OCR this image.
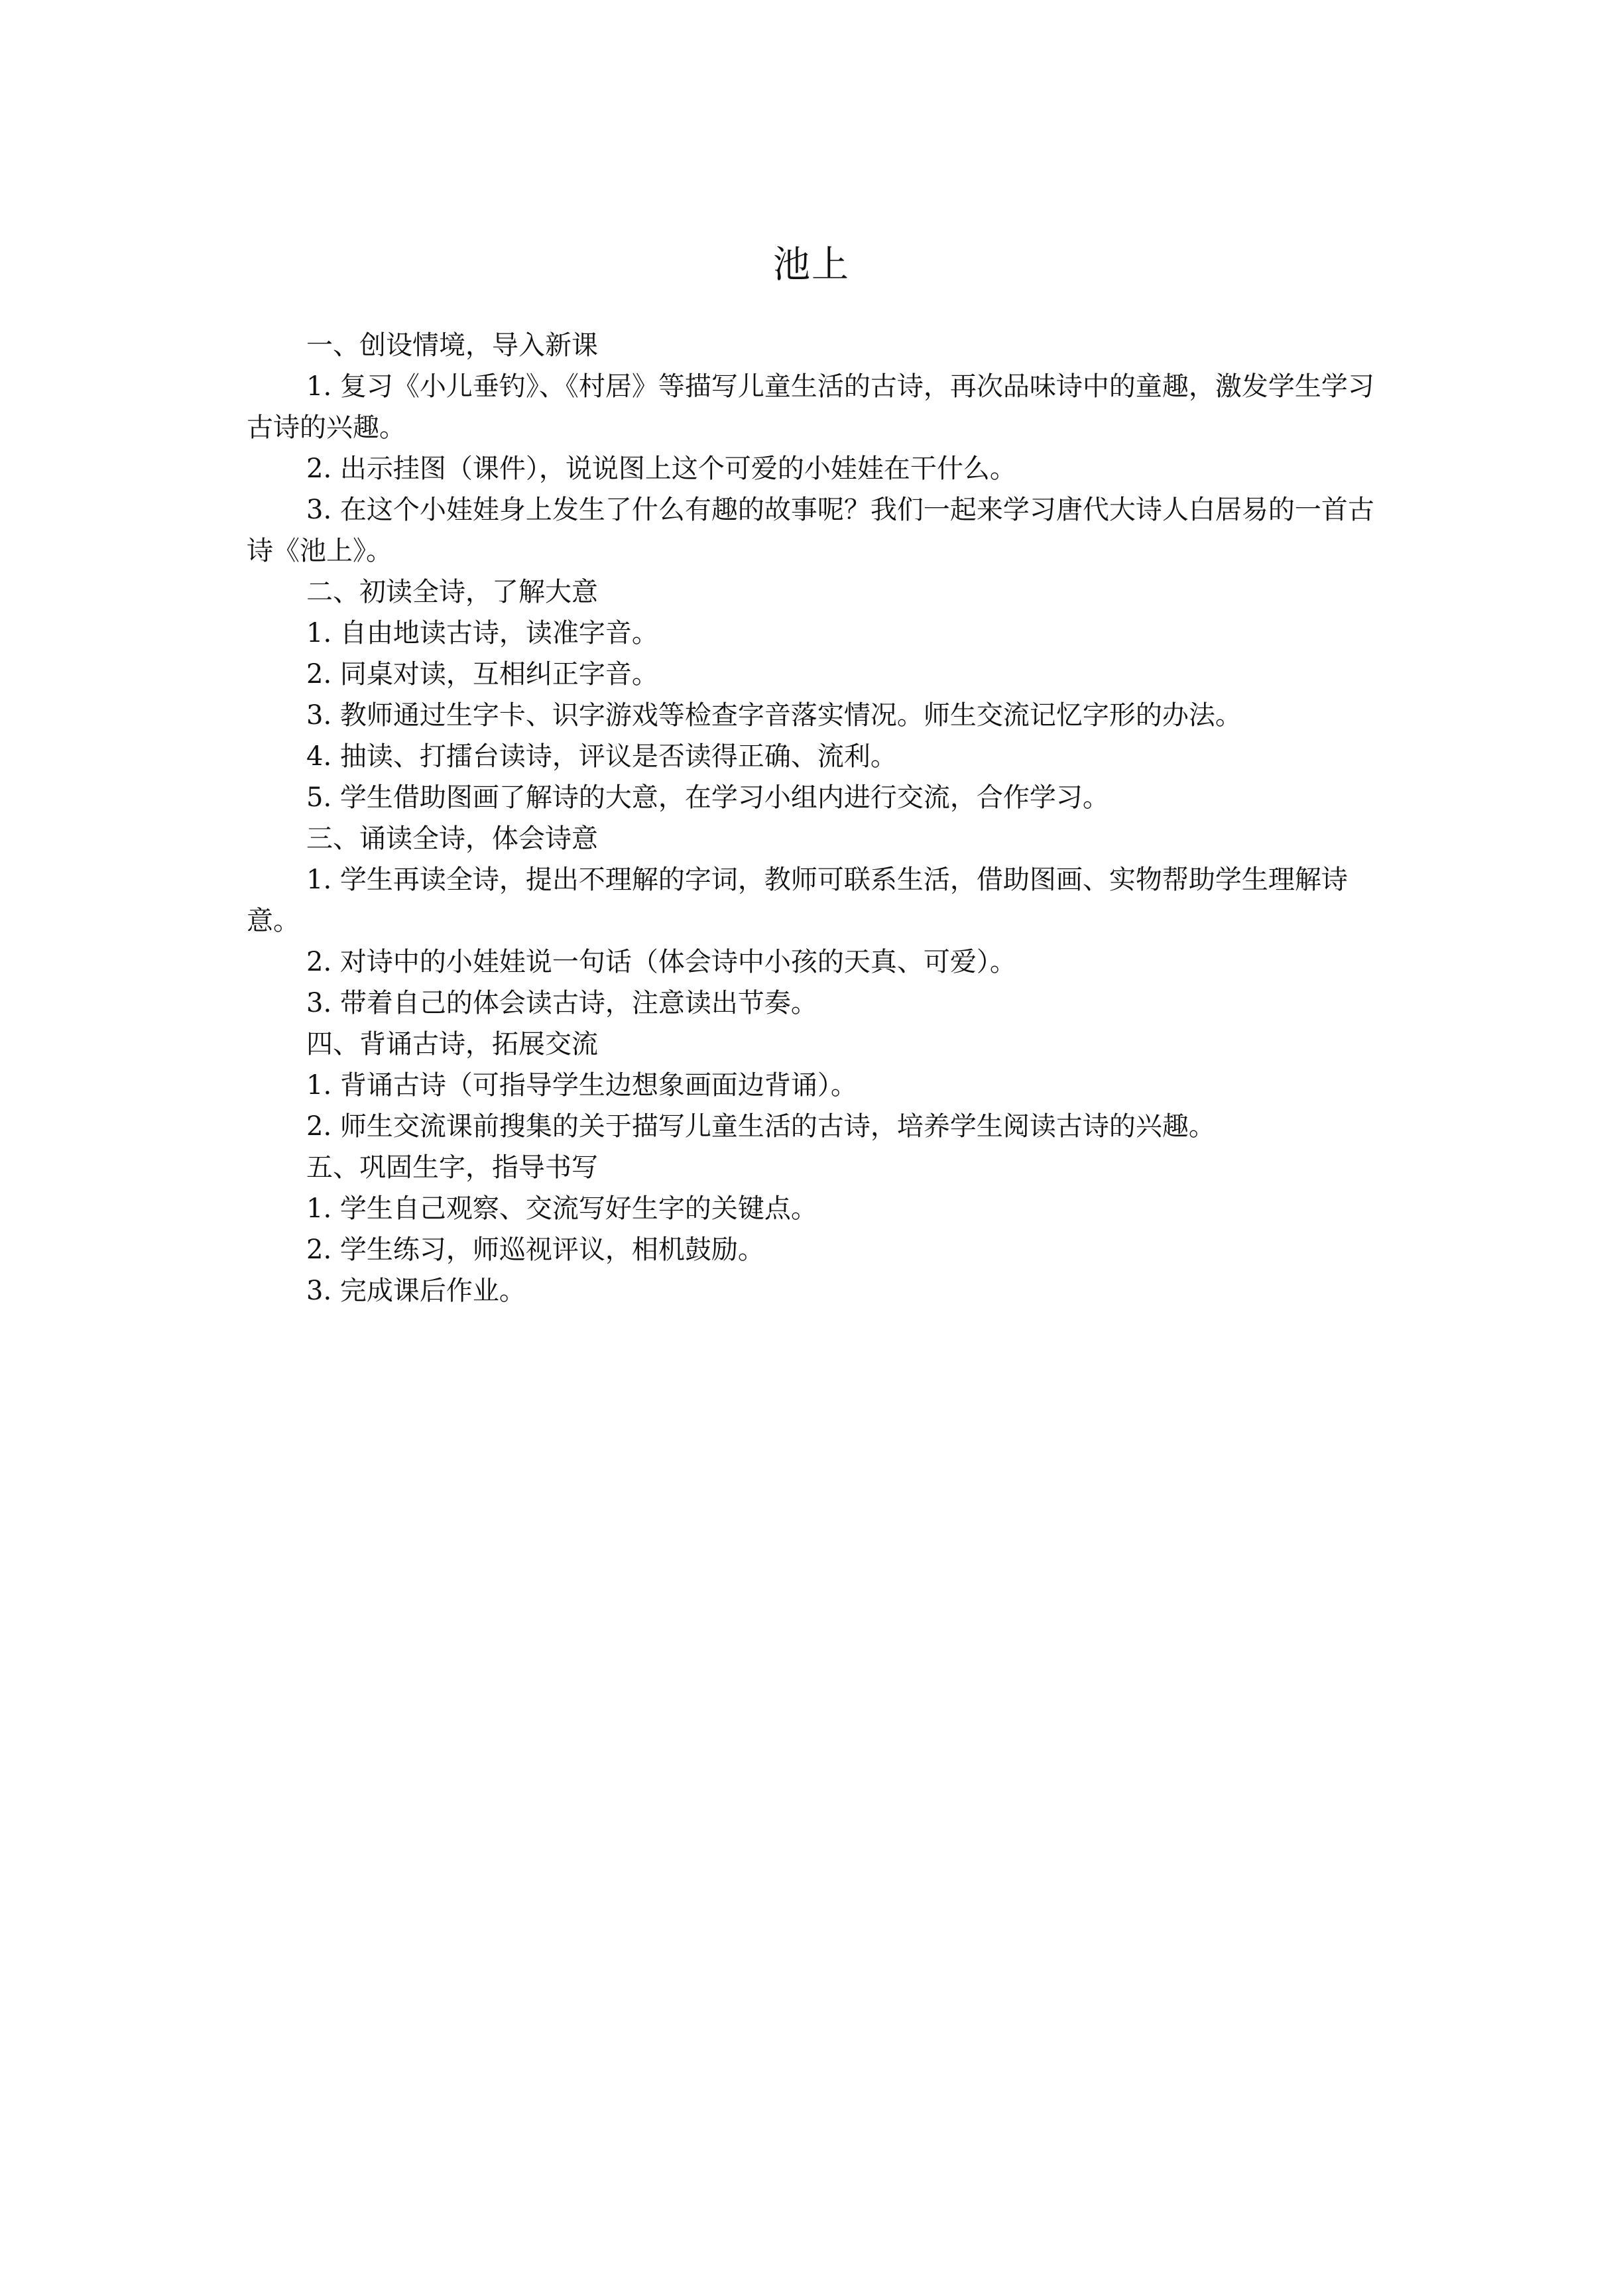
池上

一、创设情境，导入新课

1. 复习《小儿垂钓》、《村居》等描写儿童生活的古诗，再次品味诗中的童趣，激发学生学习古诗的兴趣。

2. 出示挂图（课件），说说图上这个可爱的小娃娃在干什么。

3. 在这个小娃娃身上发生了什么有趣的故事呢？我们一起来学习唐代大诗人白居易的一首古诗《池上》。

二、初读全诗，了解大意

1. 自由地读古诗，读准字音。

2. 同桌对读，互相纠正字音。

3. 教师通过生字卡、识字游戏等检查字音落实情况。师生交流记忆字形的办法。

4. 抽读、打擂台读诗，评议是否读得正确、流利。

5. 学生借助图画了解诗的大意，在学习小组内进行交流，合作学习。

三、诵读全诗，体会诗意

1. 学生再读全诗，提出不理解的字词，教师可联系生活，借助图画、实物帮助学生理解诗意。

2. 对诗中的小娃娃说一句话（体会诗中小孩的天真、可爱）。

3. 带着自己的体会读古诗，注意读出节奏。

四、背诵古诗，拓展交流

1. 背诵古诗（可指导学生边想象画面边背诵）。

2. 师生交流课前搜集的关于描写儿童生活的古诗，培养学生阅读古诗的兴趣。

五、巩固生字，指导书写

1. 学生自己观察、交流写好生字的关键点。

2. 学生练习，师巡视评议，相机鼓励。

3. 完成课后作业。
